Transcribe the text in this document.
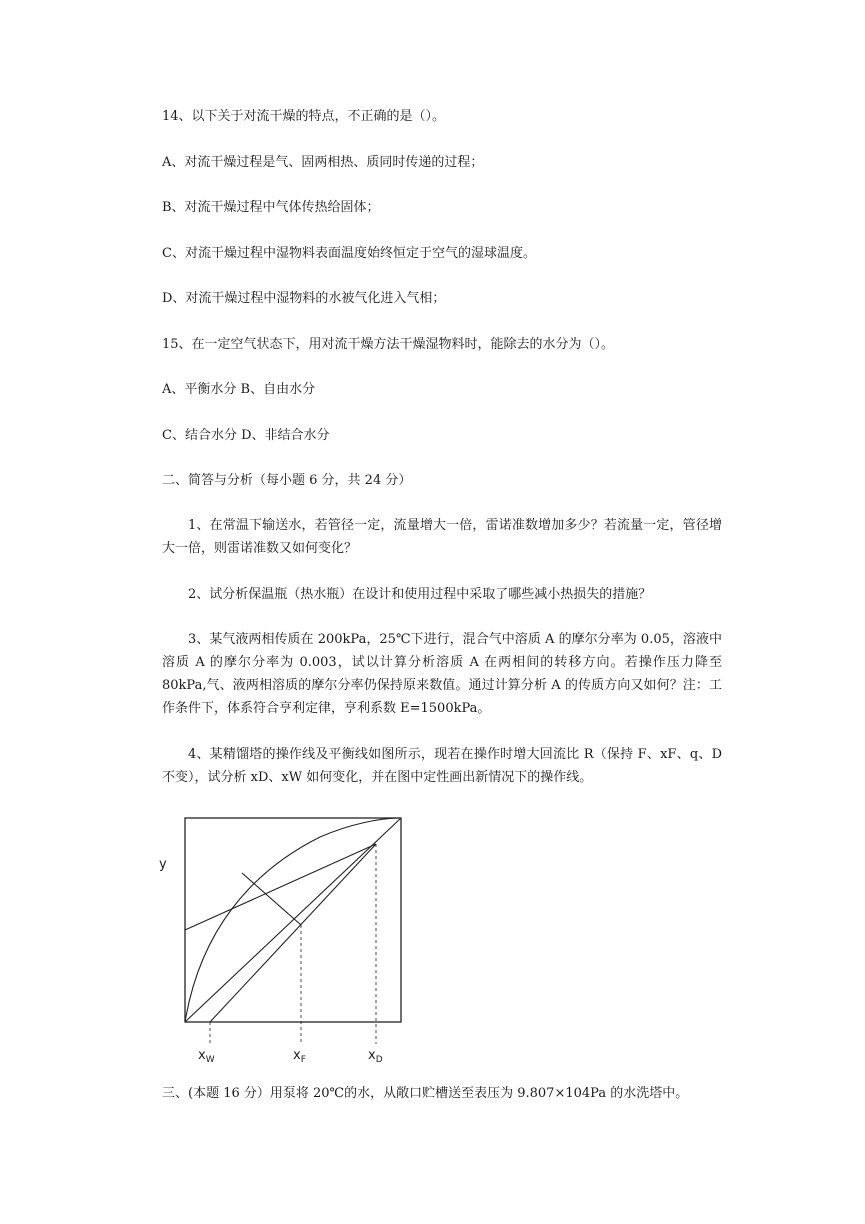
14、以下关于对流干燥的特点，不正确的是（）。
A、对流干燥过程是气、固两相热、质同时传递的过程；
B、对流干燥过程中气体传热给固体；
C、对流干燥过程中湿物料表面温度始终恒定于空气的湿球温度。
D、对流干燥过程中湿物料的水被气化进入气相；
15、在一定空气状态下，用对流干燥方法干燥湿物料时，能除去的水分为（）。
A、平衡水分 B、自由水分
C、结合水分 D、非结合水分
二、简答与分析（每小题 6 分，共 24 分）
1、在常温下输送水，若管径一定，流量增大一倍，雷诺准数增加多少？若流量一定，管径增大一倍，则雷诺准数又如何变化？
2、试分析保温瓶（热水瓶）在设计和使用过程中采取了哪些减小热损失的措施？
3、某气液两相传质在 200kPa，25℃下进行，混合气中溶质 A 的摩尔分率为 0.05，溶液中溶质 A 的摩尔分率为 0.003，试以计算分析溶质 A 在两相间的转移方向。若操作压力降至 80kPa,气、液两相溶质的摩尔分率仍保持原来数值。通过计算分析 A 的传质方向又如何？注：工作条件下，体系符合亨利定律，亨利系数 E=1500kPa。
4、某精馏塔的操作线及平衡线如图所示，现若在操作时增大回流比 R（保持 F、xF、q、D 不变），试分析 xD、xW 如何变化，并在图中定性画出新情况下的操作线。
y
$x_W$	$x_F$	$x_D$
三、(本题 16 分）用泵将 20℃的水，从敞口贮槽送至表压为 9.807×104Pa 的水洗塔中。
